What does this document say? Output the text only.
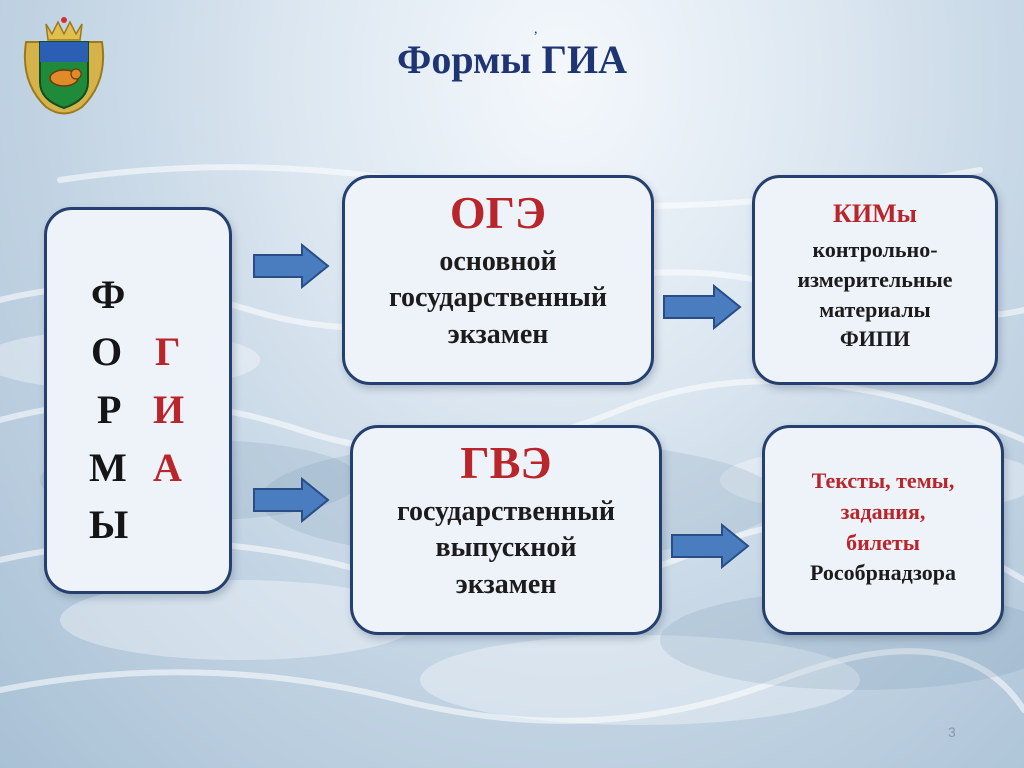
,
Формы ГИА
Ф
О
Р
М
Ы
Г
И
А
ОГЭ
основной
государственный
экзамен
ГВЭ
государственный
выпускной
экзамен
КИМы
контрольно-
измерительные
материалы
ФИПИ
Тексты, темы,
задания,
билеты
Рособрнадзора
3
